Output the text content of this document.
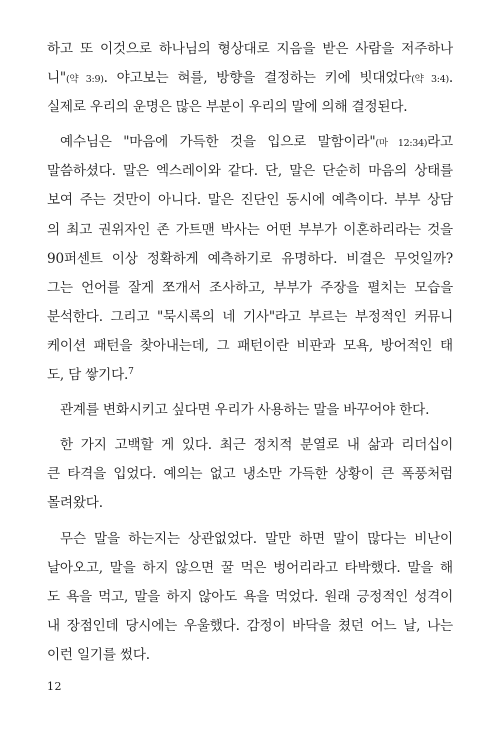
하고 또 이것으로 하나님의 형상대로 지음을 받은 사람을 저주하나
니"(약 3:9). 야고보는 혀를, 방향을 결정하는 키에 빗대었다(약 3:4).
실제로 우리의 운명은 많은 부분이 우리의 말에 의해 결정된다.
예수님은 "마음에 가득한 것을 입으로 말함이라"(마 12:34)라고
말씀하셨다. 말은 엑스레이와 같다. 단, 말은 단순히 마음의 상태를
보여 주는 것만이 아니다. 말은 진단인 동시에 예측이다. 부부 상담
의 최고 권위자인 존 가트맨 박사는 어떤 부부가 이혼하리라는 것을
90퍼센트 이상 정확하게 예측하기로 유명하다. 비결은 무엇일까?
그는 언어를 잘게 쪼개서 조사하고, 부부가 주장을 펼치는 모습을
분석한다. 그리고 "묵시록의 네 기사"라고 부르는 부정적인 커뮤니
케이션 패턴을 찾아내는데, 그 패턴이란 비판과 모욕, 방어적인 태
도, 담 쌓기다.$^7$
관계를 변화시키고 싶다면 우리가 사용하는 말을 바꾸어야 한다.
한 가지 고백할 게 있다. 최근 정치적 분열로 내 삶과 리더십이
큰 타격을 입었다. 예의는 없고 냉소만 가득한 상황이 큰 폭풍처럼
몰려왔다.
무슨 말을 하는지는 상관없었다. 말만 하면 말이 많다는 비난이
날아오고, 말을 하지 않으면 꿀 먹은 벙어리라고 타박했다. 말을 해
도 욕을 먹고, 말을 하지 않아도 욕을 먹었다. 원래 긍정적인 성격이
내 장점인데 당시에는 우울했다. 감정이 바닥을 쳤던 어느 날, 나는
이런 일기를 썼다.
12
